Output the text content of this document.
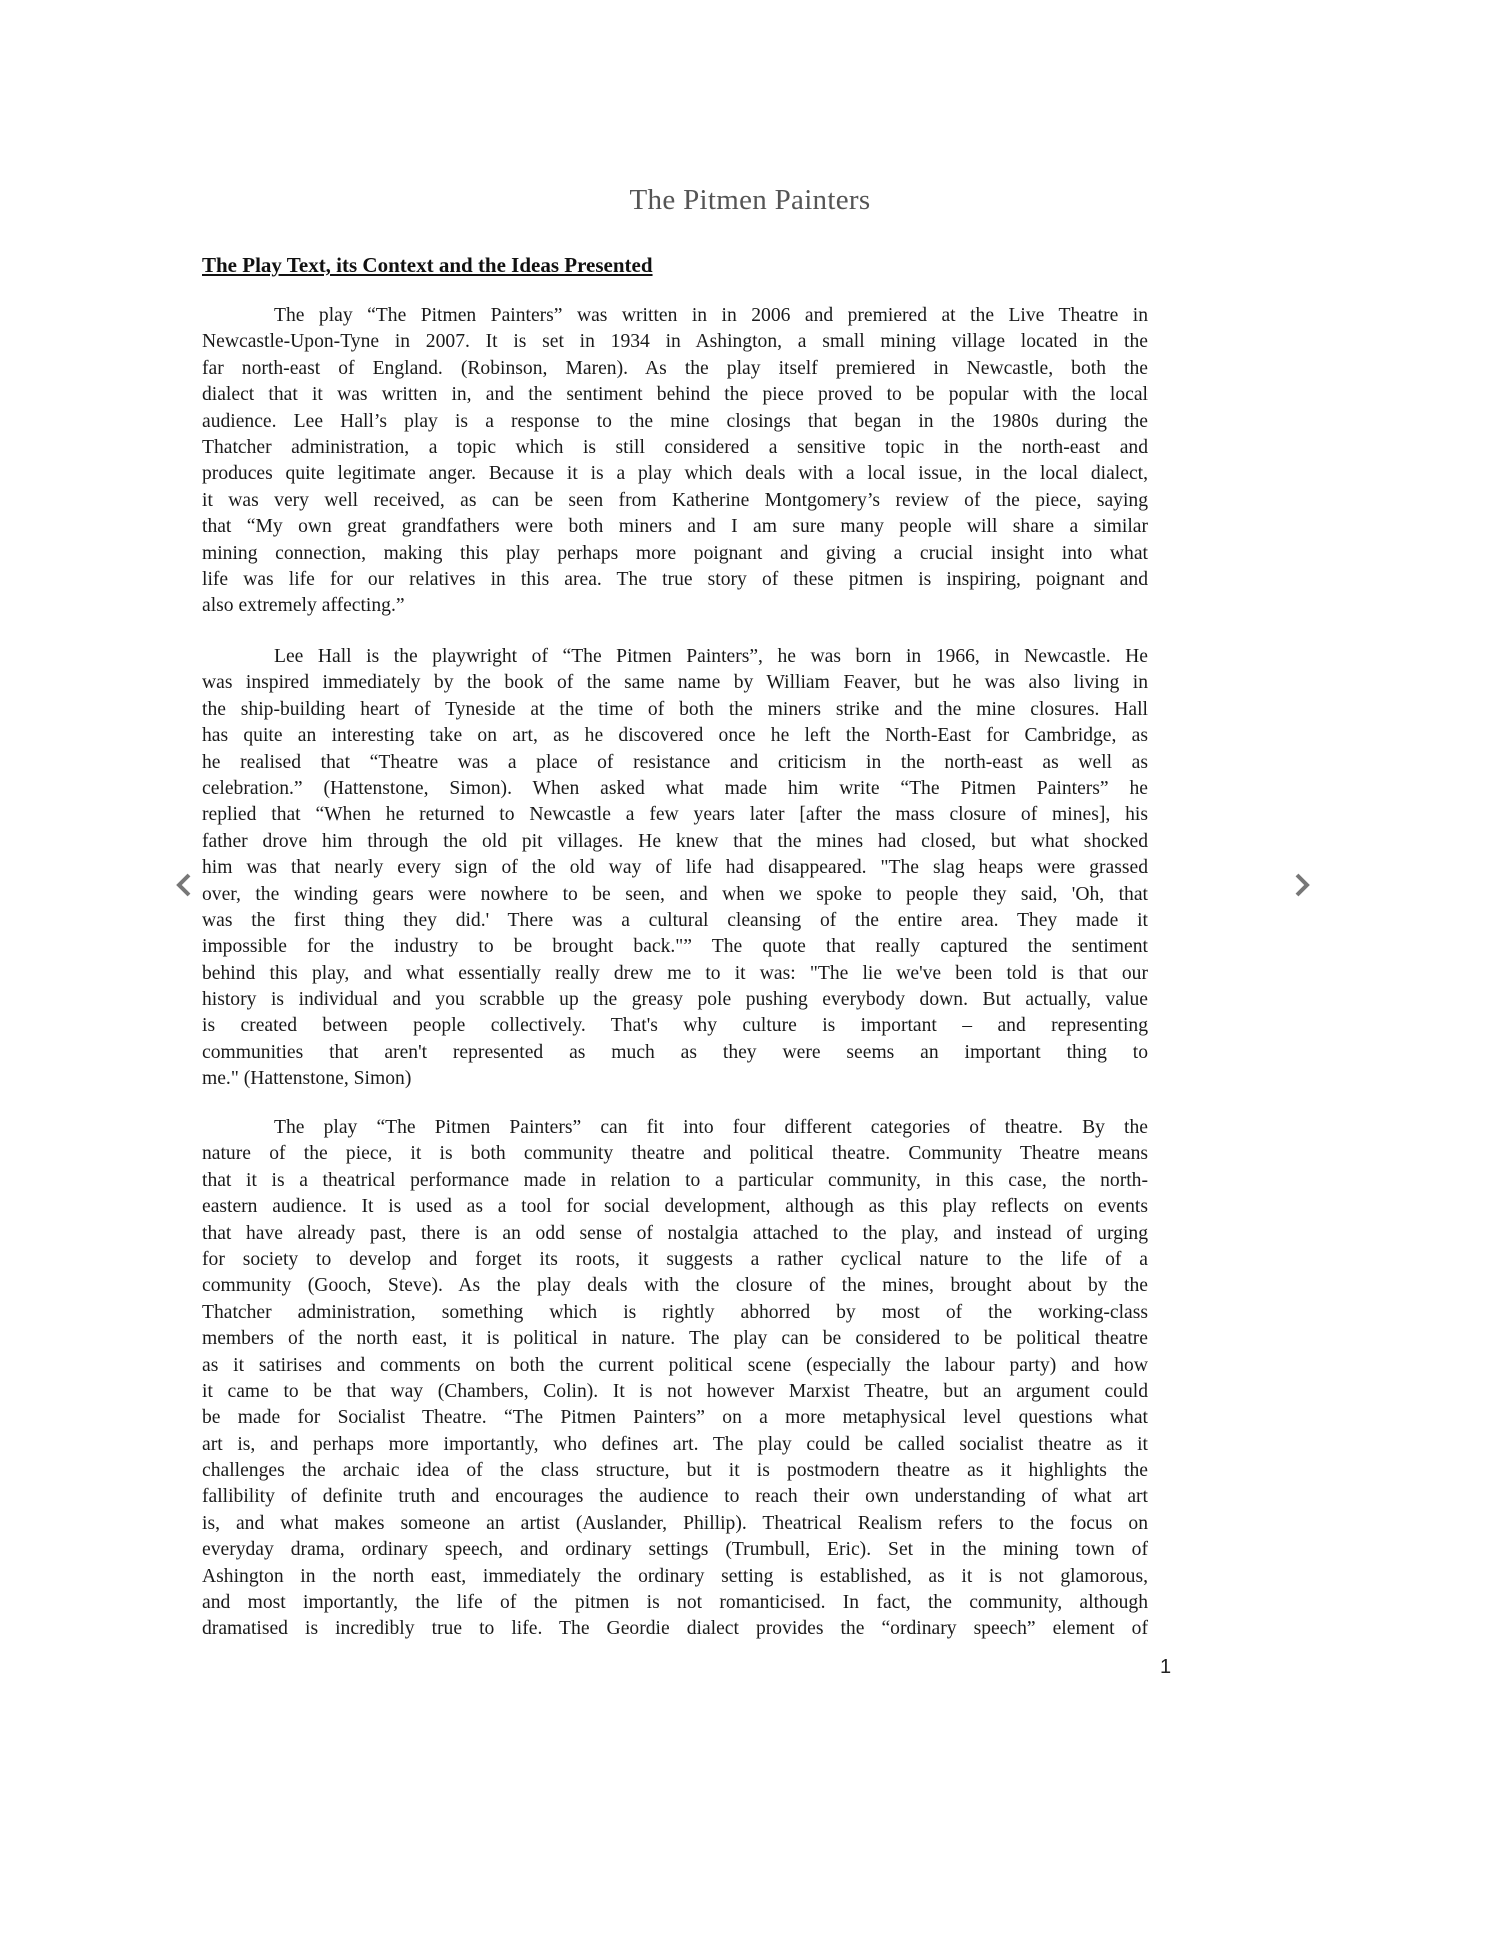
The Pitmen Painters
The Play Text, its Context and the Ideas Presented
The play “The Pitmen Painters” was written in in 2006 and premiered at the Live Theatre in
Newcastle-Upon-Tyne in 2007. It is set in 1934 in Ashington, a small mining village located in the
far north-east of England. (Robinson, Maren). As the play itself premiered in Newcastle, both the
dialect that it was written in, and the sentiment behind the piece proved to be popular with the local
audience. Lee Hall’s play is a response to the mine closings that began in the 1980s during the
Thatcher administration, a topic which is still considered a sensitive topic in the north-east and
produces quite legitimate anger. Because it is a play which deals with a local issue, in the local dialect,
it was very well received, as can be seen from Katherine Montgomery’s review of the piece, saying
that “My own great grandfathers were both miners and I am sure many people will share a similar
mining connection, making this play perhaps more poignant and giving a crucial insight into what
life was life for our relatives in this area. The true story of these pitmen is inspiring, poignant and
also extremely affecting.”
Lee Hall is the playwright of “The Pitmen Painters”, he was born in 1966, in Newcastle. He
was inspired immediately by the book of the same name by William Feaver, but he was also living in
the ship-building heart of Tyneside at the time of both the miners strike and the mine closures. Hall
has quite an interesting take on art, as he discovered once he left the North-East for Cambridge, as
he realised that “Theatre was a place of resistance and criticism in the north-east as well as
celebration.” (Hattenstone, Simon). When asked what made him write “The Pitmen Painters” he
replied that “When he returned to Newcastle a few years later [after the mass closure of mines], his
father drove him through the old pit villages. He knew that the mines had closed, but what shocked
him was that nearly every sign of the old way of life had disappeared. "The slag heaps were grassed
over, the winding gears were nowhere to be seen, and when we spoke to people they said, 'Oh, that
was the first thing they did.' There was a cultural cleansing of the entire area. They made it
impossible for the industry to be brought back."” The quote that really captured the sentiment
behind this play, and what essentially really drew me to it was: "The lie we've been told is that our
history is individual and you scrabble up the greasy pole pushing everybody down. But actually, value
is created between people collectively. That's why culture is important – and representing
communities that aren't represented as much as they were seems an important thing to
me." (Hattenstone, Simon)
The play “The Pitmen Painters” can fit into four different categories of theatre. By the
nature of the piece, it is both community theatre and political theatre. Community Theatre means
that it is a theatrical performance made in relation to a particular community, in this case, the north-
eastern audience. It is used as a tool for social development, although as this play reflects on events
that have already past, there is an odd sense of nostalgia attached to the play, and instead of urging
for society to develop and forget its roots, it suggests a rather cyclical nature to the life of a
community (Gooch, Steve). As the play deals with the closure of the mines, brought about by the
Thatcher administration, something which is rightly abhorred by most of the working-class
members of the north east, it is political in nature. The play can be considered to be political theatre
as it satirises and comments on both the current political scene (especially the labour party) and how
it came to be that way (Chambers, Colin). It is not however Marxist Theatre, but an argument could
be made for Socialist Theatre. “The Pitmen Painters” on a more metaphysical level questions what
art is, and perhaps more importantly, who defines art. The play could be called socialist theatre as it
challenges the archaic idea of the class structure, but it is postmodern theatre as it highlights the
fallibility of definite truth and encourages the audience to reach their own understanding of what art
is, and what makes someone an artist (Auslander, Phillip). Theatrical Realism refers to the focus on
everyday drama, ordinary speech, and ordinary settings (Trumbull, Eric). Set in the mining town of
Ashington in the north east, immediately the ordinary setting is established, as it is not glamorous,
and most importantly, the life of the pitmen is not romanticised. In fact, the community, although
dramatised is incredibly true to life. The Geordie dialect provides the “ordinary speech” element of
1
